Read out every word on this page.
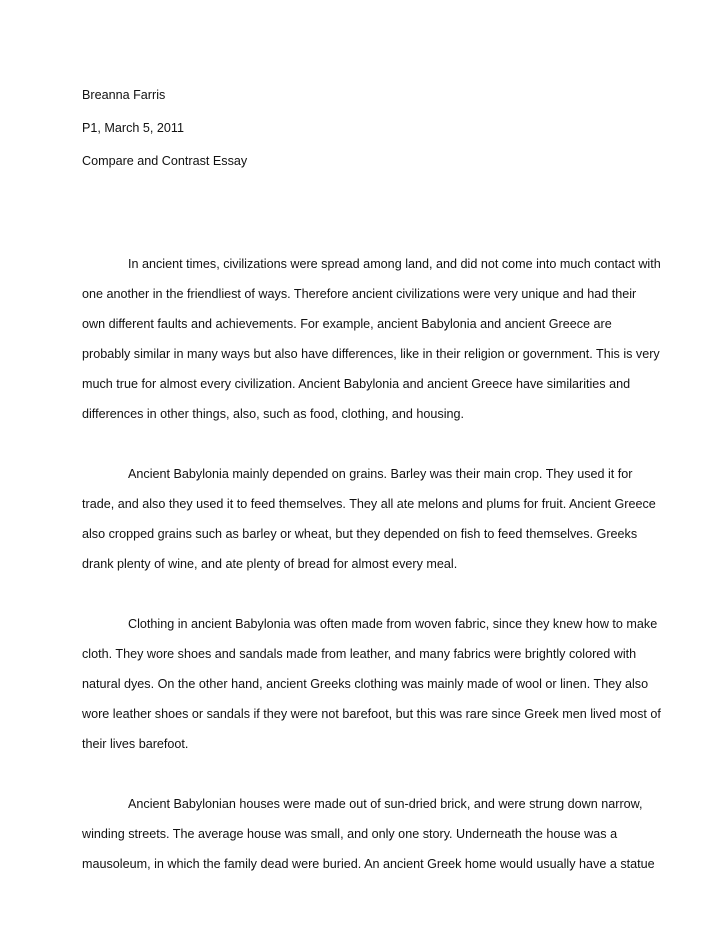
Breanna Farris
P1, March 5, 2011
Compare and Contrast Essay
In ancient times, civilizations were spread among land, and did not come into much contact with
one another in the friendliest of ways. Therefore ancient civilizations were very unique and had their
own different faults and achievements. For example, ancient Babylonia and ancient Greece are
probably similar in many ways but also have differences, like in their religion or government. This is very
much true for almost every civilization. Ancient Babylonia and ancient Greece have similarities and
differences in other things, also, such as food, clothing, and housing.
Ancient Babylonia mainly depended on grains. Barley was their main crop. They used it for
trade, and also they used it to feed themselves. They all ate melons and plums for fruit. Ancient Greece
also cropped grains such as barley or wheat, but they depended on fish to feed themselves. Greeks
drank plenty of wine, and ate plenty of bread for almost every meal.
Clothing in ancient Babylonia was often made from woven fabric, since they knew how to make
cloth. They wore shoes and sandals made from leather, and many fabrics were brightly colored with
natural dyes. On the other hand, ancient Greeks clothing was mainly made of wool or linen. They also
wore leather shoes or sandals if they were not barefoot, but this was rare since Greek men lived most of
their lives barefoot.
Ancient Babylonian houses were made out of sun-dried brick, and were strung down narrow,
winding streets. The average house was small, and only one story. Underneath the house was a
mausoleum, in which the family dead were buried. An ancient Greek home would usually have a statue
